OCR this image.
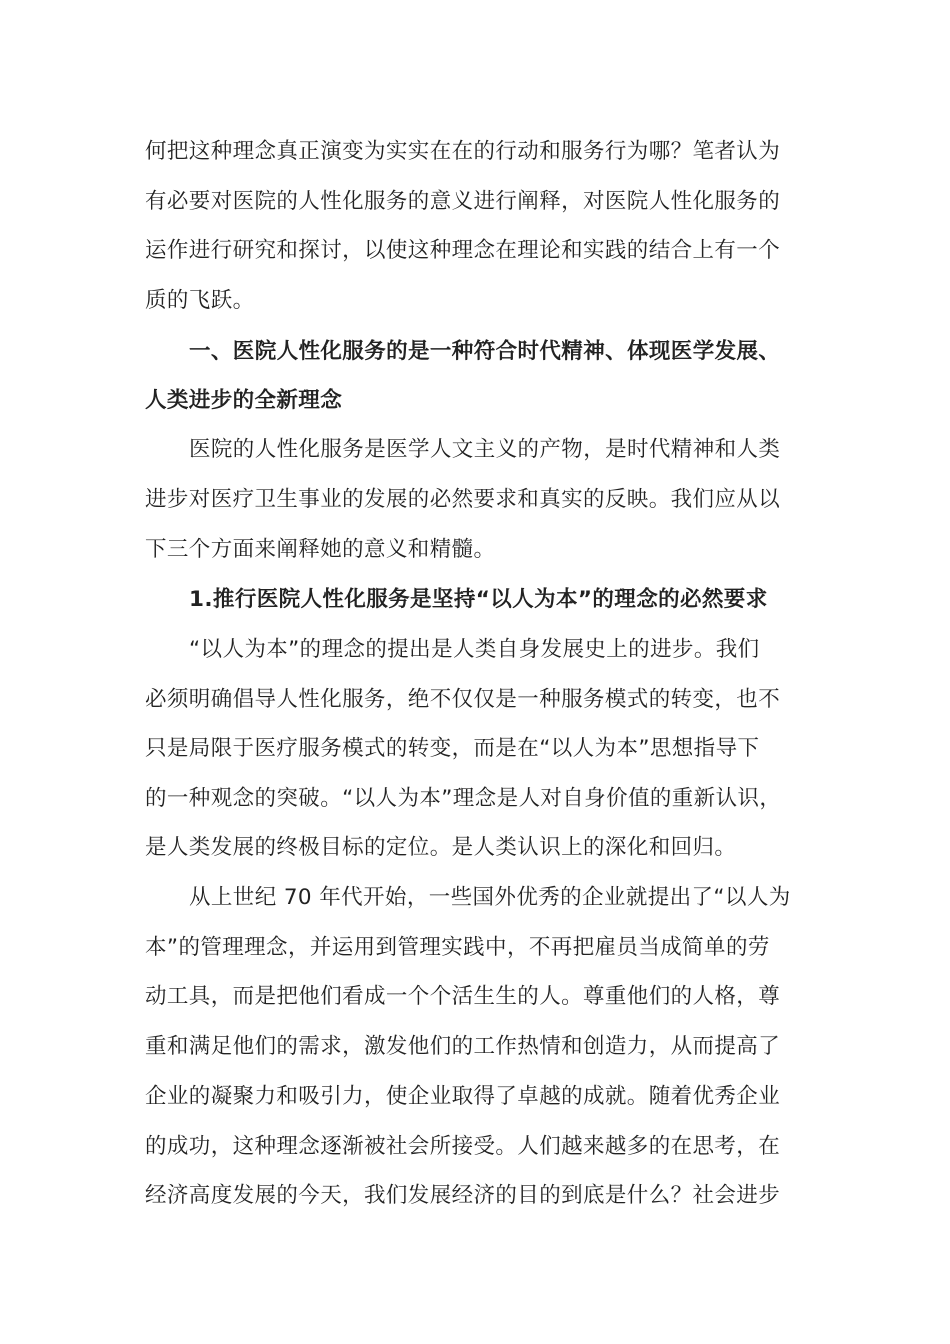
何把这种理念真正演变为实实在在的行动和服务行为哪？笔者认为
有必要对医院的人性化服务的意义进行阐释，对医院人性化服务的
运作进行研究和探讨，以使这种理念在理论和实践的结合上有一个
质的飞跃。
一、医院人性化服务的是一种符合时代精神、体现医学发展、
人类进步的全新理念
医院的人性化服务是医学人文主义的产物，是时代精神和人类
进步对医疗卫生事业的发展的必然要求和真实的反映。我们应从以
下三个方面来阐释她的意义和精髓。
1.推行医院人性化服务是坚持“以人为本”的理念的必然要求
“以人为本”的理念的提出是人类自身发展史上的进步。我们
必须明确倡导人性化服务，绝不仅仅是一种服务模式的转变，也不
只是局限于医疗服务模式的转变，而是在“以人为本”思想指导下
的一种观念的突破。“以人为本”理念是人对自身价值的重新认识，
是人类发展的终极目标的定位。是人类认识上的深化和回归。
从上世纪 70 年代开始，一些国外优秀的企业就提出了“以人为
本”的管理理念，并运用到管理实践中，不再把雇员当成简单的劳
动工具，而是把他们看成一个个活生生的人。尊重他们的人格，尊
重和满足他们的需求，激发他们的工作热情和创造力，从而提高了
企业的凝聚力和吸引力，使企业取得了卓越的成就。随着优秀企业
的成功，这种理念逐渐被社会所接受。人们越来越多的在思考，在
经济高度发展的今天，我们发展经济的目的到底是什么？社会进步
